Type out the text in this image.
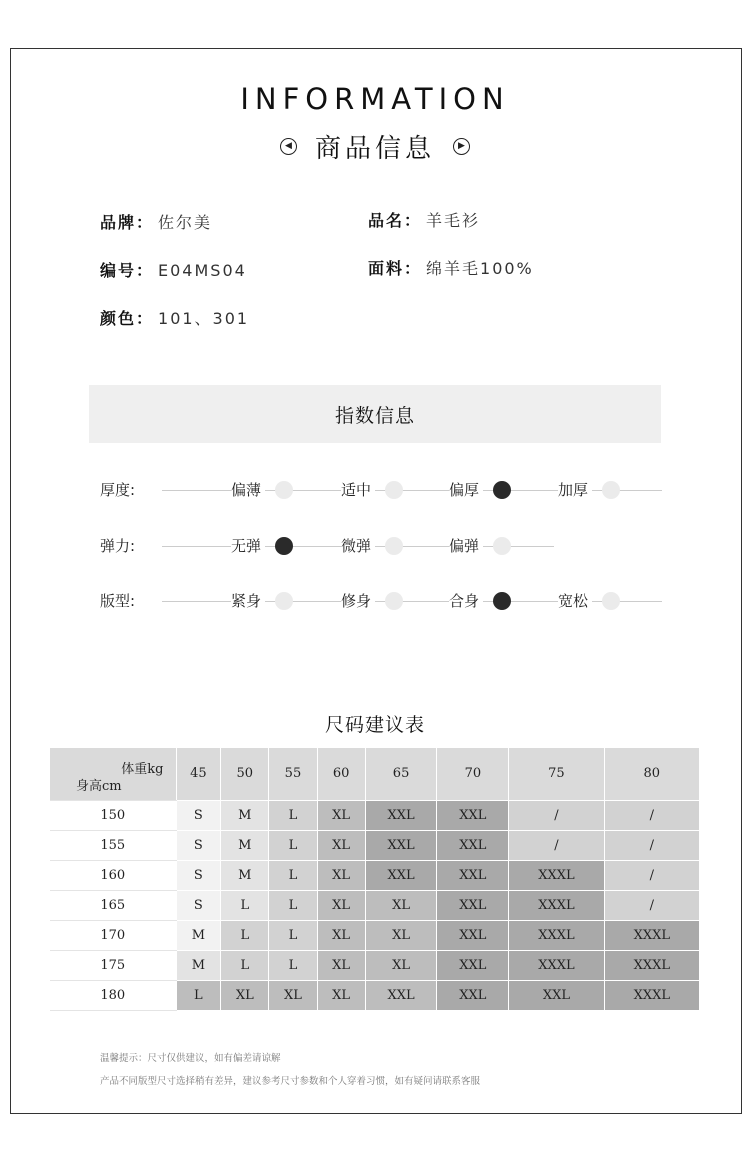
INFORMATION
◀ 商品信息	▶
品牌： 佐尔美	品名： 羊毛衫
编号： E04MS04	面料： 绵羊毛100%
颜色： 101、301
指数信息
厚度:	偏薄	适中	偏厚	加厚
弹力:	无弹	微弹	偏弹
版型:	紧身	修身	合身	宽松
尺码建议表
体重kg
身高cm	45	50	55	60	65	70	75	80
150	S	M	L	XL	XXL	XXL	/	/
155	S	M	L	XL	XXL	XXL	/	/
160	S	M	L	XL	XXL	XXL	XXXL	/
165	S	L	L	XL	XL	XXL	XXXL	/
170	M	L	L	XL	XL	XXL	XXXL	XXXL
175	M	L	L	XL	XL	XXL	XXXL	XXXL
180	L	XL	XL	XL	XXL	XXL	XXL	XXXL
温馨提示：尺寸仅供建议，如有偏差请谅解
产品不同版型尺寸选择稍有差异，建议参考尺寸参数和个人穿着习惯，如有疑问请联系客服
